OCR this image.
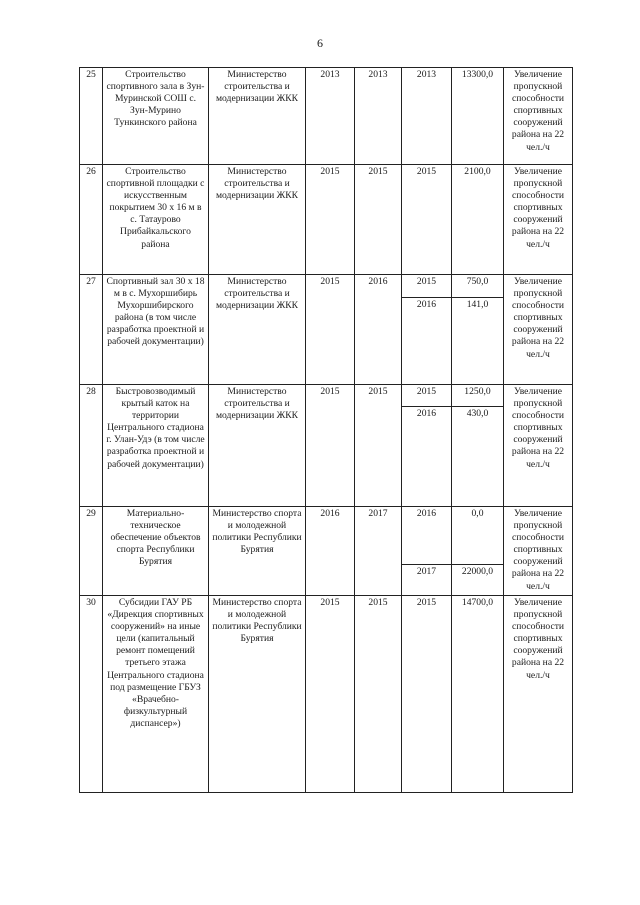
6
25	Строительство спортивного зала в Зун-Муринской СОШ с. Зун-Мурино Тункинского района	Министерство строительства и модернизации ЖКК	2013	2013	2013	13300,0	Увеличение пропускной способности спортивных сооружений района на 22 чел./ч
26	Строительство спортивной площадки с искусственным покрытием 30 х 16 м в с. Татаурово Прибайкальского района	Министерство строительства и модернизации ЖКК	2015	2015	2015	2100,0	Увеличение пропускной способности спортивных сооружений района на 22 чел./ч
27	Спортивный зал 30 х 18 м в с. Мухоршибирь Мухоршибирского района (в том числе разработка проектной и рабочей документации)	Министерство строительства и модернизации ЖКК	2015	2016	2015	750,0	Увеличение пропускной способности спортивных сооружений района на 22 чел./ч
					2016	141,0	
28	Быстровозводимый крытый каток на территории Центрального стадиона г. Улан-Удэ (в том числе разработка проектной и рабочей документации)	Министерство строительства и модернизации ЖКК	2015	2015	2015	1250,0	Увеличение пропускной способности спортивных сооружений района на 22 чел./ч
					2016	430,0	
29	Материально-техническое обеспечение объектов спорта Республики Бурятия	Министерство спорта и молодежной политики Республики Бурятия	2016	2017	2016	0,0	Увеличение пропускной способности спортивных сооружений района на 22 чел./ч
					2017	22000,0	
30	Субсидии ГАУ РБ «Дирекция спортивных сооружений» на иные цели (капитальный ремонт помещений третьего этажа Центрального стадиона под размещение ГБУЗ «Врачебно-физкультурный диспансер»)	Министерство спорта и молодежной политики Республики Бурятия	2015	2015	2015	14700,0	Увеличение пропускной способности спортивных сооружений района на 22 чел./ч
